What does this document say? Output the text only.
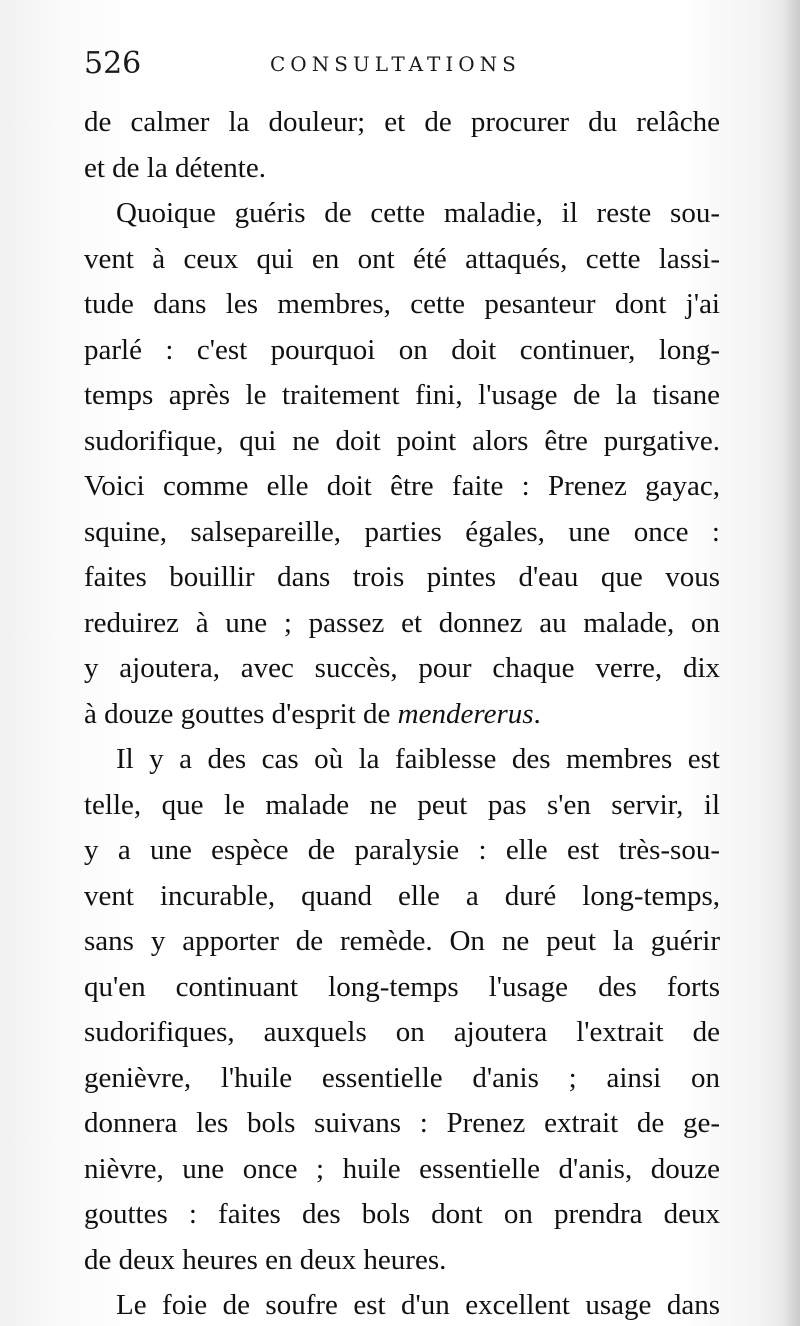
526	CONSULTATIONS
de calmer la douleur; et de procurer du relâche
et de la détente.
Quoique guéris de cette maladie, il reste sou-
vent à ceux qui en ont été attaqués, cette lassi-
tude dans les membres, cette pesanteur dont j'ai
parlé : c'est pourquoi on doit continuer, long-
temps après le traitement fini, l'usage de la tisane
sudorifique, qui ne doit point alors être purgative.
Voici comme elle doit être faite : Prenez gayac,
squine, salsepareille, parties égales, une once :
faites bouillir dans trois pintes d'eau que vous
reduirez à une ; passez et donnez au malade, on
y ajoutera, avec succès, pour chaque verre, dix
à douze gouttes d'esprit de mendererus.
Il y a des cas où la faiblesse des membres est
telle, que le malade ne peut pas s'en servir, il
y a une espèce de paralysie : elle est très-sou-
vent incurable, quand elle a duré long-temps,
sans y apporter de remède. On ne peut la guérir
qu'en continuant long-temps l'usage des forts
sudorifiques, auxquels on ajoutera l'extrait de
genièvre, l'huile essentielle d'anis ; ainsi on
donnera les bols suivans : Prenez extrait de ge-
nièvre, une once ; huile essentielle d'anis, douze
gouttes : faites des bols dont on prendra deux
de deux heures en deux heures.
Le foie de soufre est d'un excellent usage dans
